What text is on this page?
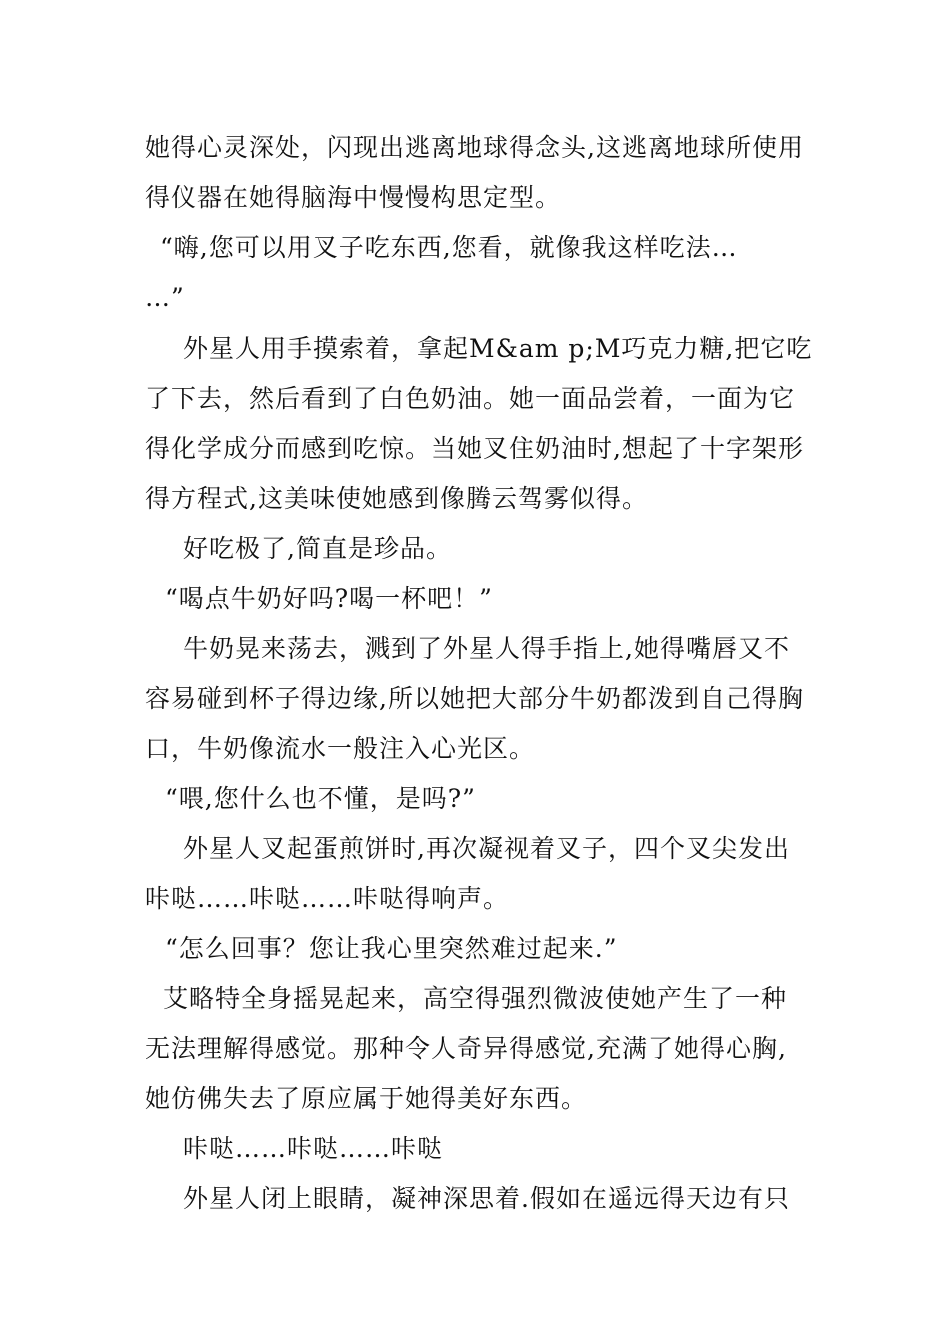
她得心灵深处，闪现出逃离地球得念头,这逃离地球所使用
得仪器在她得脑海中慢慢构思定型。
“嗨,您可以用叉子吃东西,您看，就像我这样吃法…
…”
外星人用手摸索着，拿起M&am p;M巧克力糖,把它吃
了下去，然后看到了白色奶油。她一面品尝着，一面为它
得化学成分而感到吃惊。当她叉住奶油时,想起了十字架形
得方程式,这美味使她感到像腾云驾雾似得。
好吃极了,简直是珍品。
“喝点牛奶好吗?喝一杯吧！”
牛奶晃来荡去，溅到了外星人得手指上,她得嘴唇又不
容易碰到杯子得边缘,所以她把大部分牛奶都泼到自己得胸
口，牛奶像流水一般注入心光区。
“喂,您什么也不懂，是吗?”
外星人叉起蛋煎饼时,再次凝视着叉子，四个叉尖发出
咔哒……咔哒……咔哒得响声。
“怎么回事？您让我心里突然难过起来.”
艾略特全身摇晃起来，高空得强烈微波使她产生了一种
无法理解得感觉。那种令人奇异得感觉,充满了她得心胸,
她仿佛失去了原应属于她得美好东西。
咔哒……咔哒……咔哒
外星人闭上眼睛，凝神深思着.假如在遥远得天边有只
